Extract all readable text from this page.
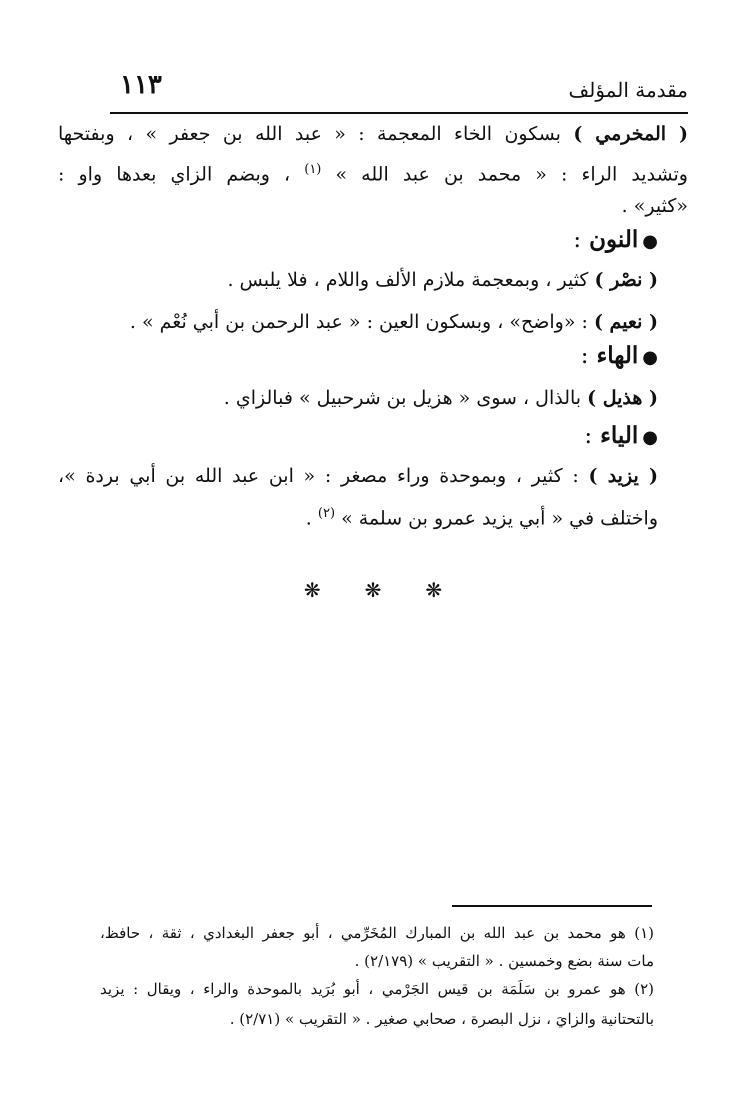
مقدمة المؤلف
١١٣
( المخرمي ) بسكون الخاء المعجمة : « عبد الله بن جعفر » ، وبفتحها
وتشديد الراء : « محمد بن عبد الله » $^{(١)}$ ، وبضم الزاي بعدها واو :
«كثير» .
●النون:
( نصْر ) كثير ، وبمعجمة ملازم الألف واللام ، فلا يلبس .
( نعيم ) : «واضح» ، وبسكون العين : « عبد الرحمن بن أبي نُعْم » .
●الهاء:
( هذيل ) بالذال ، سوى « هزيل بن شرحبيل » فبالزاي .
●الياء:
( يزيد ) : كثير ، وبموحدة وراء مصغر : « ابن عبد الله بن أبي بردة »،
واختلف في « أبي يزيد عمرو بن سلمة » $^{(٢)}$ .
❋ ❋ ❋
(١) هو محمد بن عبد الله بن المبارك المُخَرِّمي ، أبو جعفر البغدادي ، ثقة ، حافظ،
مات سنة بضع وخمسين . « التقريب » (٢/١٧٩) .
(٢) هو عمرو بن سَلَمَة بن قيس الجَرْمي ، أبو بُرَيد بالموحدة والراء ، ويقال : يزيد
بالتحتانية والزايَ ، نزل البصرة ، صحابي صغير . « التقريب » (٢/٧١) .
